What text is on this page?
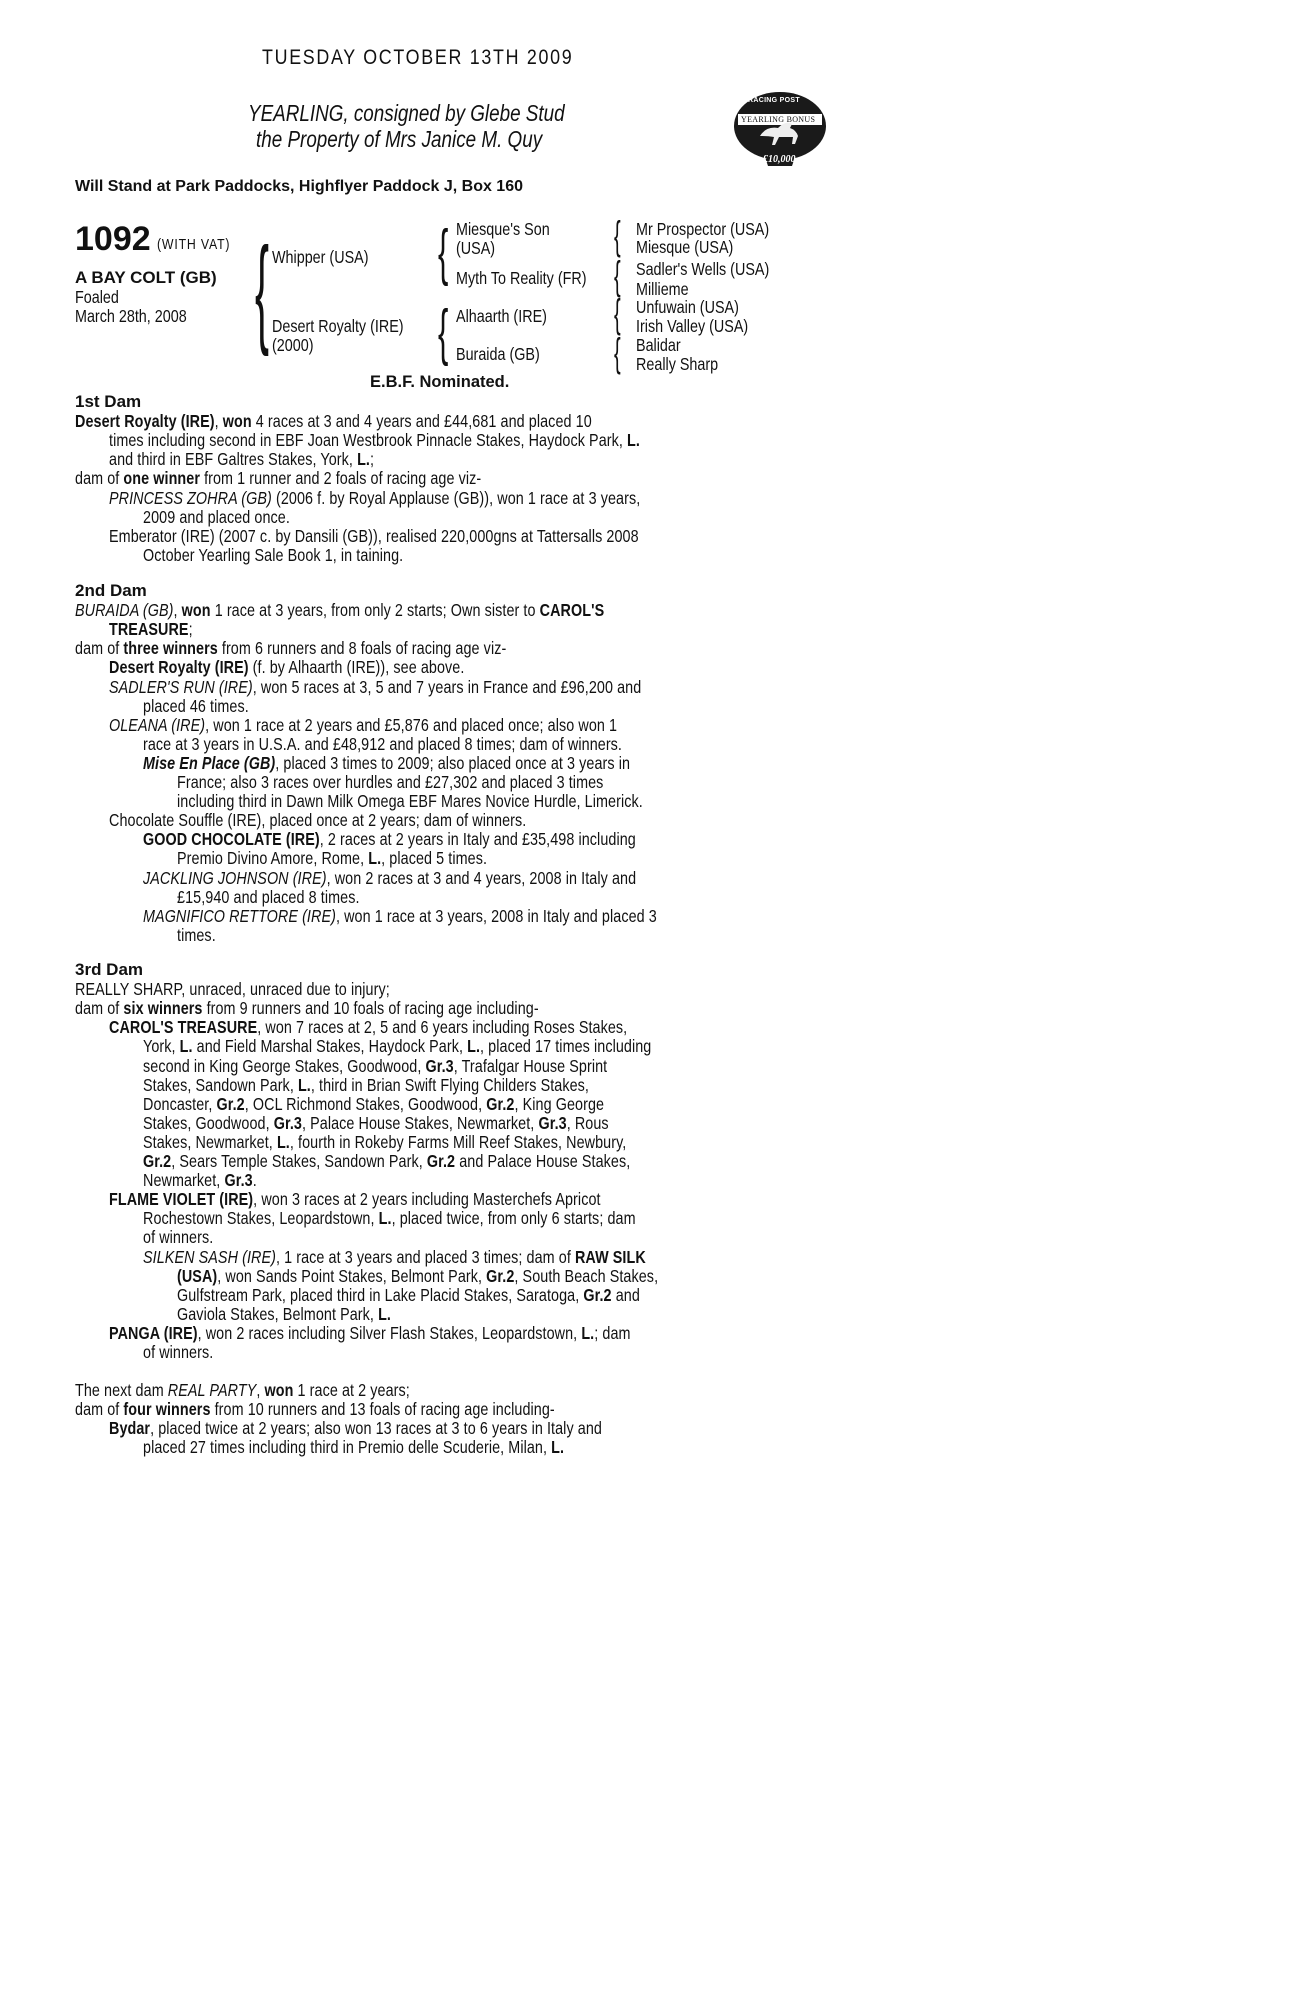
TUESDAY OCTOBER 13TH 2009
YEARLING, consigned by Glebe Stud
the Property of Mrs Janice M. Quy
RACING POST
YEARLING BONUS
£10,000
Will Stand at Park Paddocks, Highflyer Paddock J, Box 160
1092 (WITH VAT)
A BAY COLT (GB)
Foaled
March 28th, 2008 { Whipper (USA)
Desert Royalty (IRE)
(2000)
{ Miesque's Son
(USA)
Myth To Reality (FR)
{ Alhaarth (IRE)
Buraida (GB)
{ Mr Prospector (USA)
Miesque (USA)
{ Sadler's Wells (USA)
Millieme
{ Unfuwain (USA)
Irish Valley (USA)
{ Balidar
Really Sharp
E.B.F. Nominated.
1st Dam
Desert Royalty (IRE), won 4 races at 3 and 4 years and £44,681 and placed 10
times including second in EBF Joan Westbrook Pinnacle Stakes, Haydock Park, L.
and third in EBF Galtres Stakes, York, L.;
dam of one winner from 1 runner and 2 foals of racing age viz-
PRINCESS ZOHRA (GB) (2006 f. by Royal Applause (GB)), won 1 race at 3 years,
2009 and placed once.
Emberator (IRE) (2007 c. by Dansili (GB)), realised 220,000gns at Tattersalls 2008
October Yearling Sale Book 1, in taining.
2nd Dam
BURAIDA (GB), won 1 race at 3 years, from only 2 starts; Own sister to CAROL'S
TREASURE;
dam of three winners from 6 runners and 8 foals of racing age viz-
Desert Royalty (IRE) (f. by Alhaarth (IRE)), see above.
SADLER'S RUN (IRE), won 5 races at 3, 5 and 7 years in France and £96,200 and
placed 46 times.
OLEANA (IRE), won 1 race at 2 years and £5,876 and placed once; also won 1
race at 3 years in U.S.A. and £48,912 and placed 8 times; dam of winners.
Mise En Place (GB), placed 3 times to 2009; also placed once at 3 years in
France; also 3 races over hurdles and £27,302 and placed 3 times
including third in Dawn Milk Omega EBF Mares Novice Hurdle, Limerick.
Chocolate Souffle (IRE), placed once at 2 years; dam of winners.
GOOD CHOCOLATE (IRE), 2 races at 2 years in Italy and £35,498 including
Premio Divino Amore, Rome, L., placed 5 times.
JACKLING JOHNSON (IRE), won 2 races at 3 and 4 years, 2008 in Italy and
£15,940 and placed 8 times.
MAGNIFICO RETTORE (IRE), won 1 race at 3 years, 2008 in Italy and placed 3
times.
3rd Dam
REALLY SHARP, unraced, unraced due to injury;
dam of six winners from 9 runners and 10 foals of racing age including-
CAROL'S TREASURE, won 7 races at 2, 5 and 6 years including Roses Stakes,
York, L. and Field Marshal Stakes, Haydock Park, L., placed 17 times including
second in King George Stakes, Goodwood, Gr.3, Trafalgar House Sprint
Stakes, Sandown Park, L., third in Brian Swift Flying Childers Stakes,
Doncaster, Gr.2, OCL Richmond Stakes, Goodwood, Gr.2, King George
Stakes, Goodwood, Gr.3, Palace House Stakes, Newmarket, Gr.3, Rous
Stakes, Newmarket, L., fourth in Rokeby Farms Mill Reef Stakes, Newbury,
Gr.2, Sears Temple Stakes, Sandown Park, Gr.2 and Palace House Stakes,
Newmarket, Gr.3.
FLAME VIOLET (IRE), won 3 races at 2 years including Masterchefs Apricot
Rochestown Stakes, Leopardstown, L., placed twice, from only 6 starts; dam
of winners.
SILKEN SASH (IRE), 1 race at 3 years and placed 3 times; dam of RAW SILK
(USA), won Sands Point Stakes, Belmont Park, Gr.2, South Beach Stakes,
Gulfstream Park, placed third in Lake Placid Stakes, Saratoga, Gr.2 and
Gaviola Stakes, Belmont Park, L.
PANGA (IRE), won 2 races including Silver Flash Stakes, Leopardstown, L.; dam
of winners.
The next dam REAL PARTY, won 1 race at 2 years;
dam of four winners from 10 runners and 13 foals of racing age including-
Bydar, placed twice at 2 years; also won 13 races at 3 to 6 years in Italy and
placed 27 times including third in Premio delle Scuderie, Milan, L.
